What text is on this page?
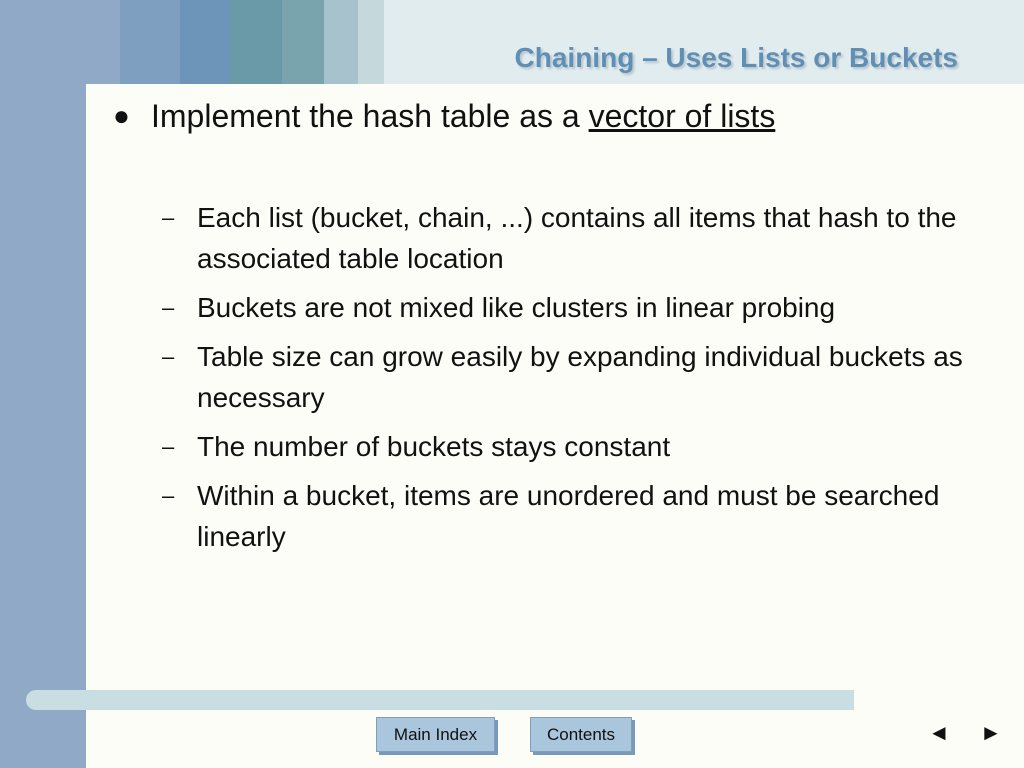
Chaining – Uses Lists or Buckets
● Implement the hash table as a vector of lists
– Each list (bucket, chain, ...) contains all items that hash to the associated table location
– Buckets are not mixed like clusters in linear probing
– Table size can grow easily by expanding individual buckets as necessary
– The number of buckets stays constant
– Within a bucket, items are unordered and must be searched linearly
Main Index	Contents	◄ ►
